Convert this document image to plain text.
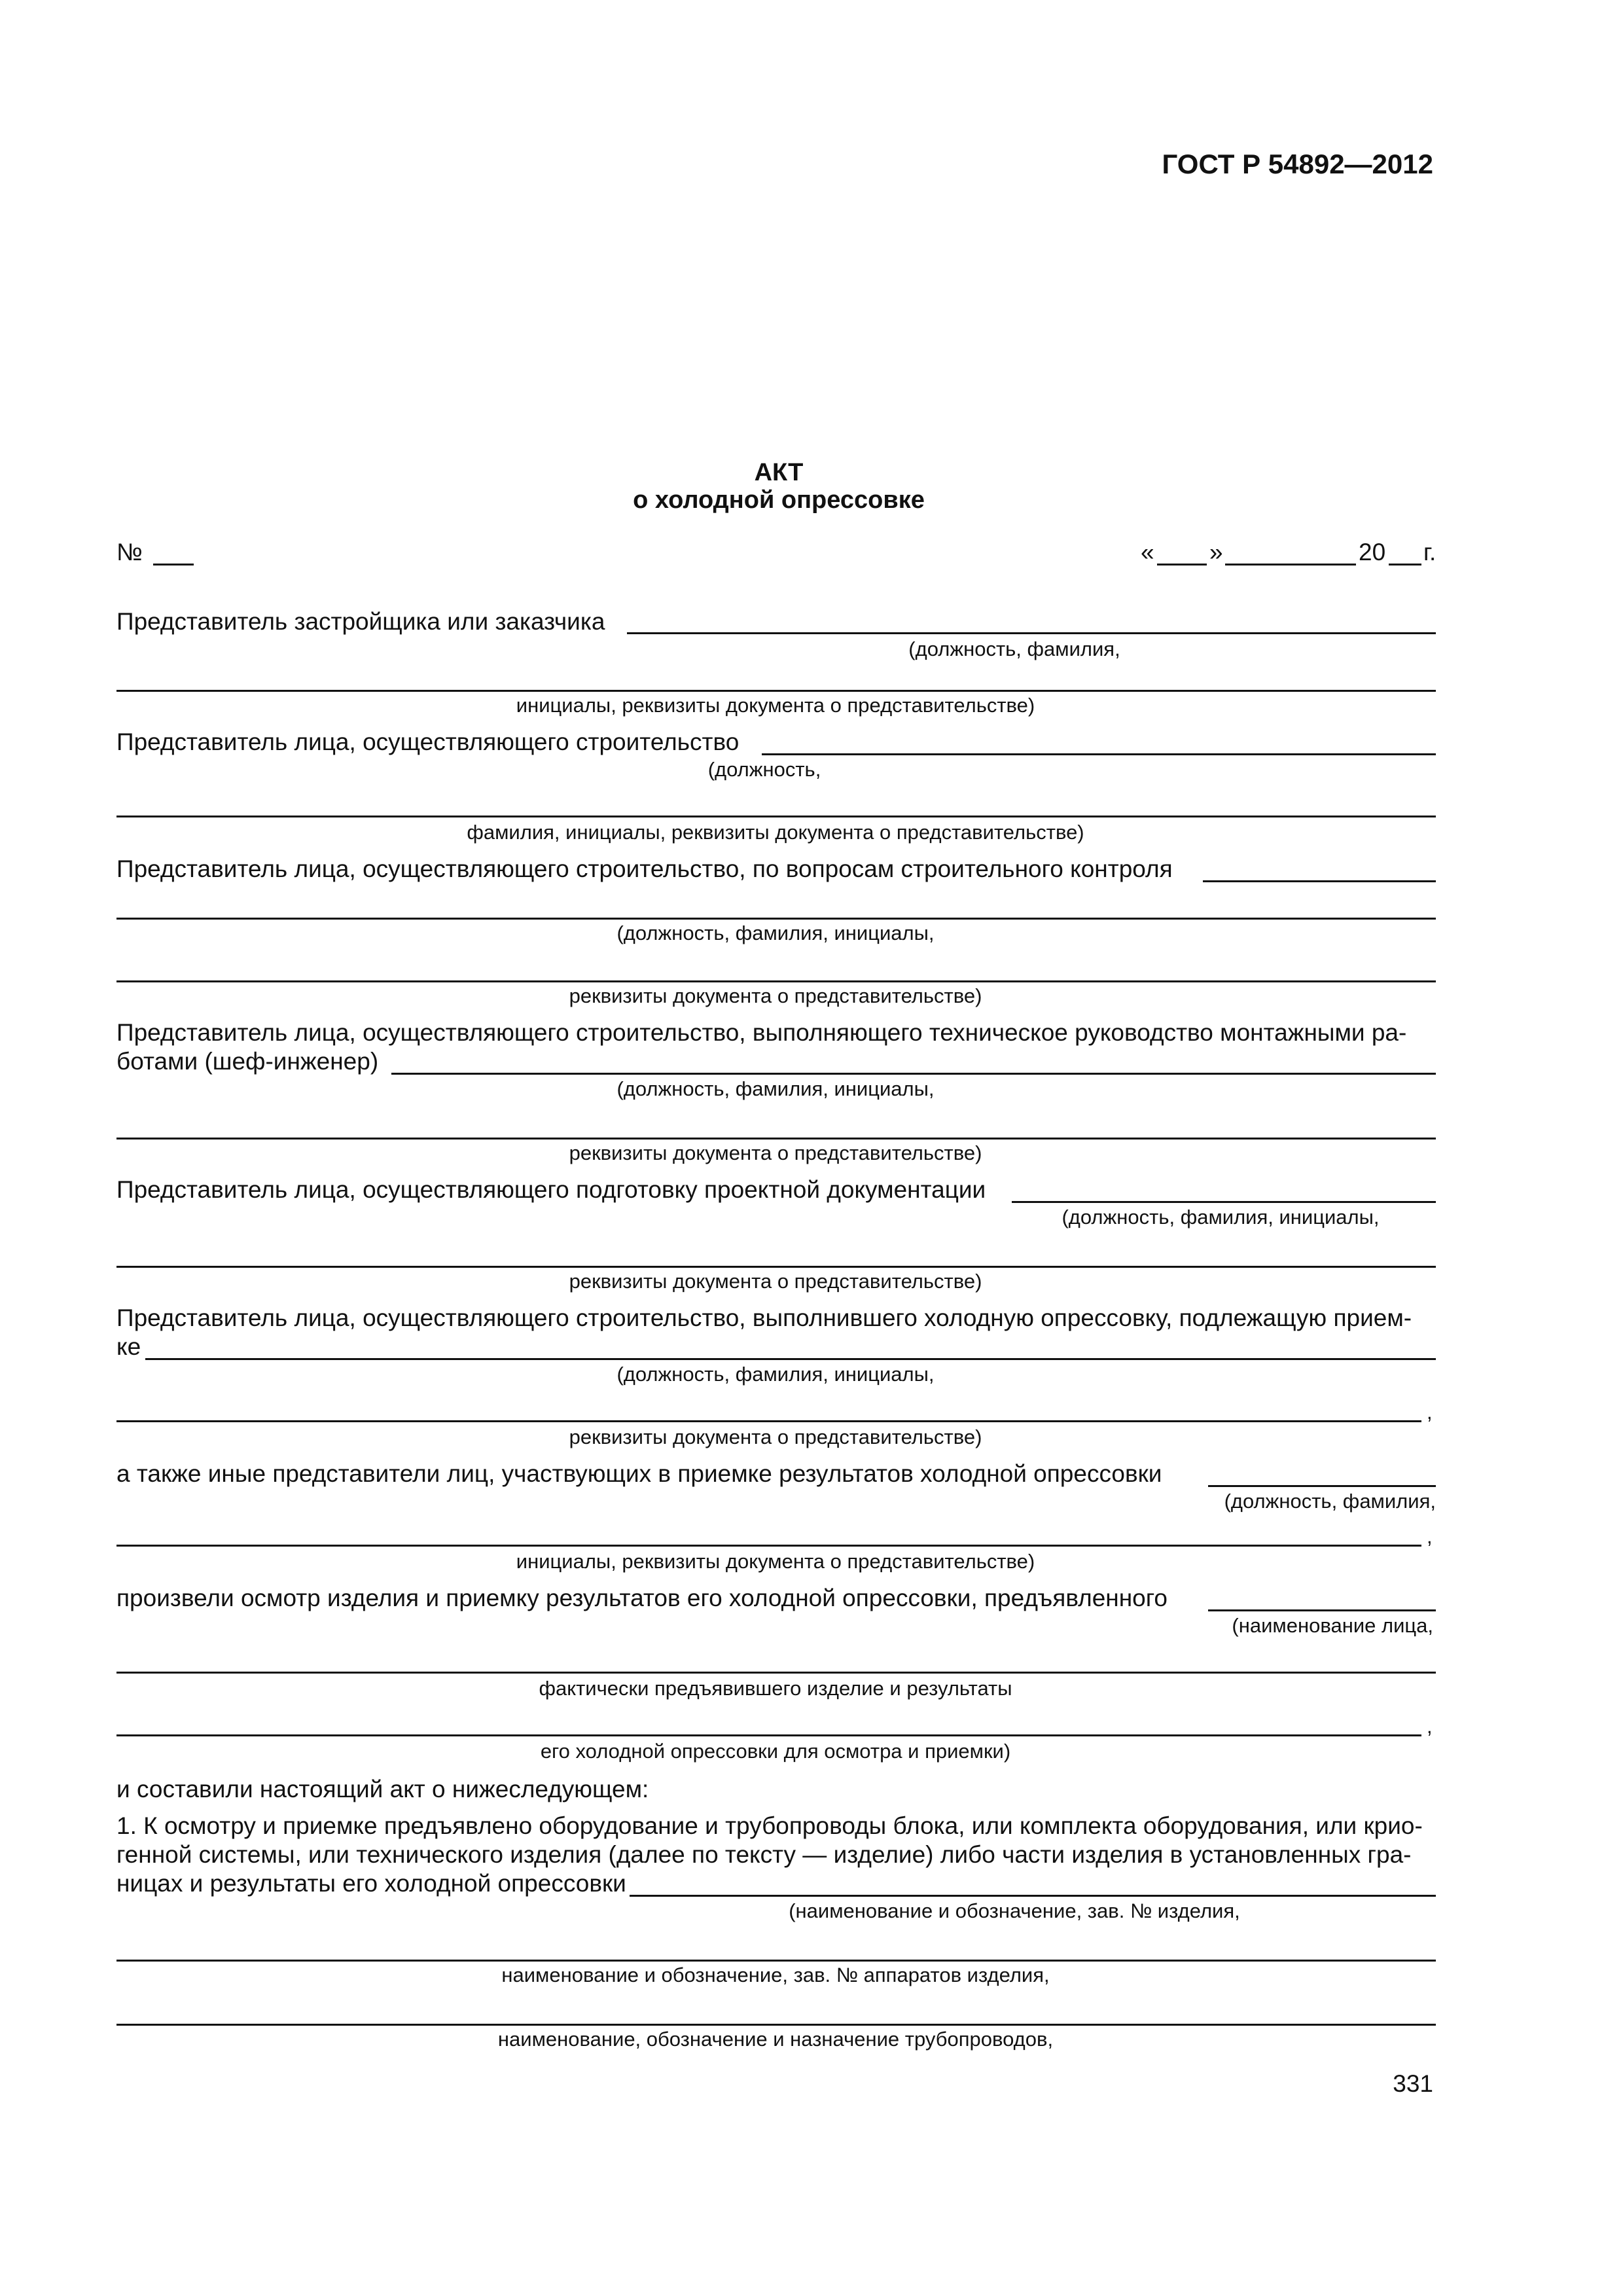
ГОСТ Р 54892—2012
АКТ
о холодной опрессовке
№	« »	20 г.
Представитель застройщика или заказчика
(должность, фамилия,
инициалы, реквизиты документа о представительстве)
Представитель лица, осуществляющего строительство
(должность,
фамилия, инициалы, реквизиты документа о представительстве)
Представитель лица, осуществляющего строительство, по вопросам строительного контроля
(должность, фамилия, инициалы,
реквизиты документа о представительстве)
Представитель лица, осуществляющего строительство, выполняющего техническое руководство монтажными ра-
ботами (шеф-инженер)
(должность, фамилия, инициалы,
реквизиты документа о представительстве)
Представитель лица, осуществляющего подготовку проектной документации
(должность, фамилия, инициалы,
реквизиты документа о представительстве)
Представитель лица, осуществляющего строительство, выполнившего холодную опрессовку, подлежащую прием-
ке
(должность, фамилия, инициалы,
,
реквизиты документа о представительстве)
а также иные представители лиц, участвующих в приемке результатов холодной опрессовки
(должность, фамилия,
,
инициалы, реквизиты документа о представительстве)
произвели осмотр изделия и приемку результатов его холодной опрессовки, предъявленного
(наименование лица,
фактически предъявившего изделие и результаты
,
его холодной опрессовки для осмотра и приемки)
и составили настоящий акт о нижеследующем:
1. К осмотру и приемке предъявлено оборудование и трубопроводы блока, или комплекта оборудования, или крио-
генной системы, или технического изделия (далее по тексту — изделие) либо части изделия в установленных гра-
ницах и результаты его холодной опрессовки
(наименование и обозначение, зав. № изделия,
наименование и обозначение, зав. № аппаратов изделия,
наименование, обозначение и назначение трубопроводов,
331
